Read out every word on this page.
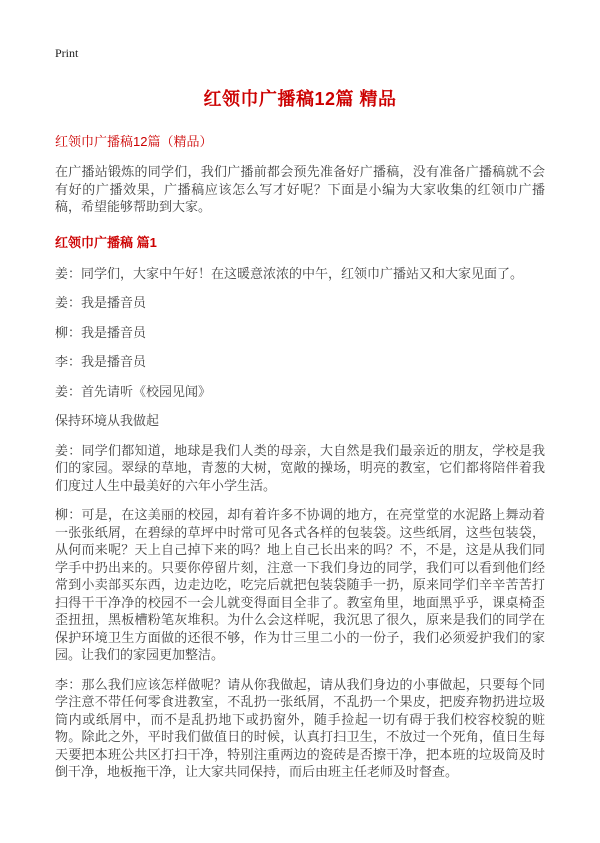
Print
红领巾广播稿12篇 精品
红领巾广播稿12篇（精品）

在广播站锻炼的同学们，我们广播前都会预先准备好广播稿，没有准备广播稿就不会有好的广播效果，广播稿应该怎么写才好呢？下面是小编为大家收集的红领巾广播稿，希望能够帮助到大家。

红领巾广播稿 篇1

姜：同学们，大家中午好！在这暖意浓浓的中午，红领巾广播站又和大家见面了。

姜：我是播音员

柳：我是播音员

李：我是播音员

姜：首先请听《校园见闻》

保持环境从我做起

姜：同学们都知道，地球是我们人类的母亲，大自然是我们最亲近的朋友，学校是我们的家园。翠绿的草地，青葱的大树，宽敞的操场，明亮的教室，它们都将陪伴着我们度过人生中最美好的六年小学生活。

柳：可是，在这美丽的校园，却有着许多不协调的地方，在亮堂堂的水泥路上舞动着一张张纸屑，在碧绿的草坪中时常可见各式各样的包装袋。这些纸屑，这些包装袋，从何而来呢？天上自己掉下来的吗？地上自己长出来的吗？不，不是，这是从我们同学手中扔出来的。只要你停留片刻，注意一下我们身边的同学，我们可以看到他们经常到小卖部买东西，边走边吃，吃完后就把包装袋随手一扔，原来同学们辛辛苦苦打扫得干干净净的校园不一会儿就变得面目全非了。教室角里，地面黑乎乎，课桌椅歪歪扭扭，黑板槽粉笔灰堆积。为什么会这样呢，我沉思了很久，原来是我们的同学在保护环境卫生方面做的还很不够，作为廿三里二小的一份子，我们必须爱护我们的家园。让我们的家园更加整洁。

李：那么我们应该怎样做呢？请从你我做起，请从我们身边的小事做起，只要每个同学注意不带任何零食进教室，不乱扔一张纸屑，不乱扔一个果皮，把废弃物扔进垃圾筒内或纸屑中，而不是乱扔地下或扔窗外，随手捡起一切有碍于我们校容校貌的赃物。除此之外，平时我们做值日的时候，认真打扫卫生，不放过一个死角，值日生每天要把本班公共区打扫干净，特别注重两边的瓷砖是否擦干净，把本班的垃圾筒及时倒干净，地板拖干净，让大家共同保持，而后由班主任老师及时督查。
